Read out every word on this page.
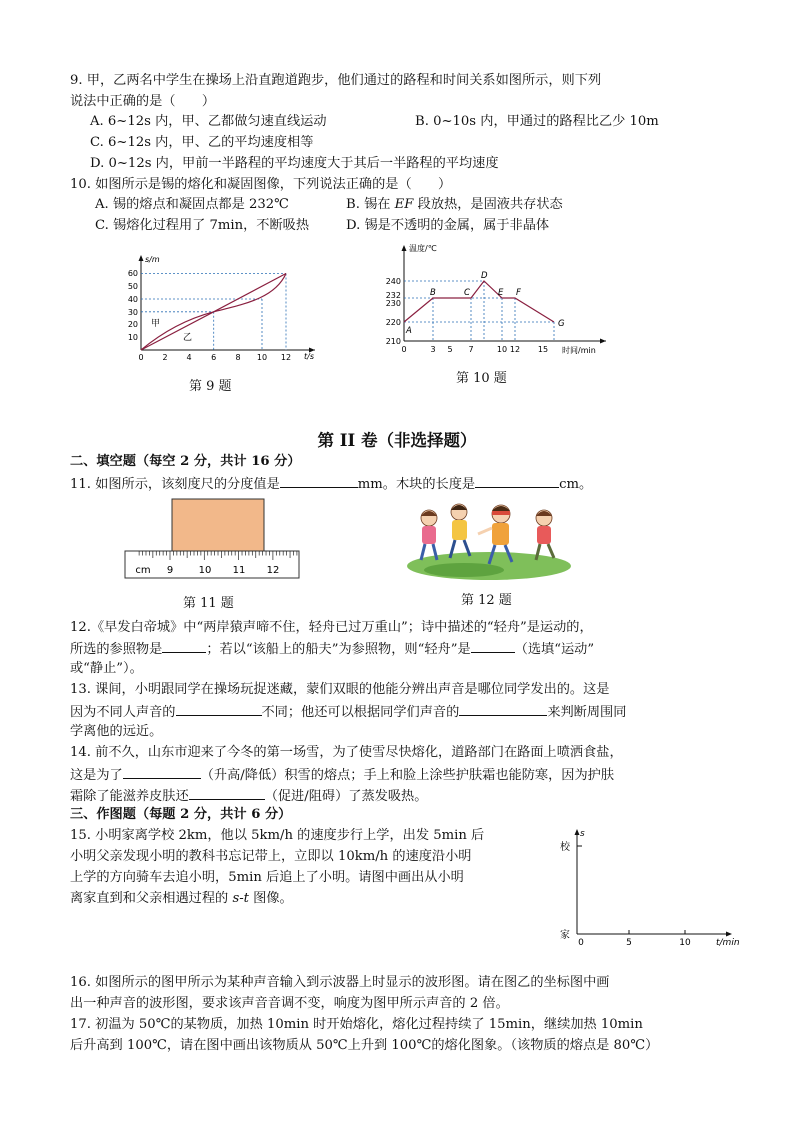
9. 甲，乙两名中学生在操场上沿直跑道跑步，他们通过的路程和时间关系如图所示，则下列
说法中正确的是（　　）
A. 6~12s 内，甲、乙都做匀速直线运动	B. 0~10s 内，甲通过的路程比乙少 10m
C. 6~12s 内，甲、乙的平均速度相等
D. 0~12s 内，甲前一半路程的平均速度大于其后一半路程的平均速度
10. 如图所示是锡的熔化和凝固图像，下列说法正确的是（　　）
A. 锡的熔点和凝固点都是 232℃	B. 锡在 EF 段放热，是固液共存状态
C. 锡熔化过程用了 7min，不断吸热	D. 锡是不透明的金属，属于非晶体
s/m
t/s
10
20
30
40
50
60
0 2 4 6 8 10 12
甲
乙
第 9 题
温度/℃
时间/min
240
232
230
220
210
0	3 5 7	10 12 15
A
B	C
D
E F
G
第 10 题
第 II 卷（非选择题）
二、填空题（每空 2 分，共计 16 分）
11. 如图所示，该刻度尺的分度值是	mm。木块的长度是	cm。
cm 9	10 11 12
第 11 题	第 12 题
12.《早发白帝城》中“两岸猿声啼不住，轻舟已过万重山”；诗中描述的“轻舟”是运动的，
所选的参照物是	；若以“该船上的船夫”为参照物，则“轻舟”是	（选填“运动”
或“静止”）。
13. 课间，小明跟同学在操场玩捉迷藏，蒙们双眼的他能分辨出声音是哪位同学发出的。这是
因为不同人声音的	不同；他还可以根据同学们声音的	来判断周围同
学离他的远近。
14. 前不久，山东市迎来了今冬的第一场雪，为了使雪尽快熔化，道路部门在路面上喷洒食盐，
这是为了	（升高/降低）积雪的熔点；手上和脸上涂些护肤霜也能防寒，因为护肤
霜除了能滋养皮肤还	（促进/阻碍）了蒸发吸热。
三、作图题（每题 2 分，共计 6 分）
15. 小明家离学校 2km，他以 5km/h 的速度步行上学，出发 5min 后
小明父亲发现小明的教科书忘记带上，立即以 10km/h 的速度沿小明
上学的方向骑车去追小明，5min 后追上了小明。请图中画出从小明
离家直到和父亲相遇过程的 s-t 图像。
s
校
家
0	5	10	t/min
16. 如图所示的图甲所示为某种声音输入到示波器上时显示的波形图。请在图乙的坐标图中画
出一种声音的波形图，要求该声音音调不变，响度为图甲所示声音的 2 倍。
17. 初温为 50℃的某物质，加热 10min 时开始熔化，熔化过程持续了 15min，继续加热 10min
后升高到 100℃，请在图中画出该物质从 50℃上升到 100℃的熔化图象。（该物质的熔点是 80℃）
